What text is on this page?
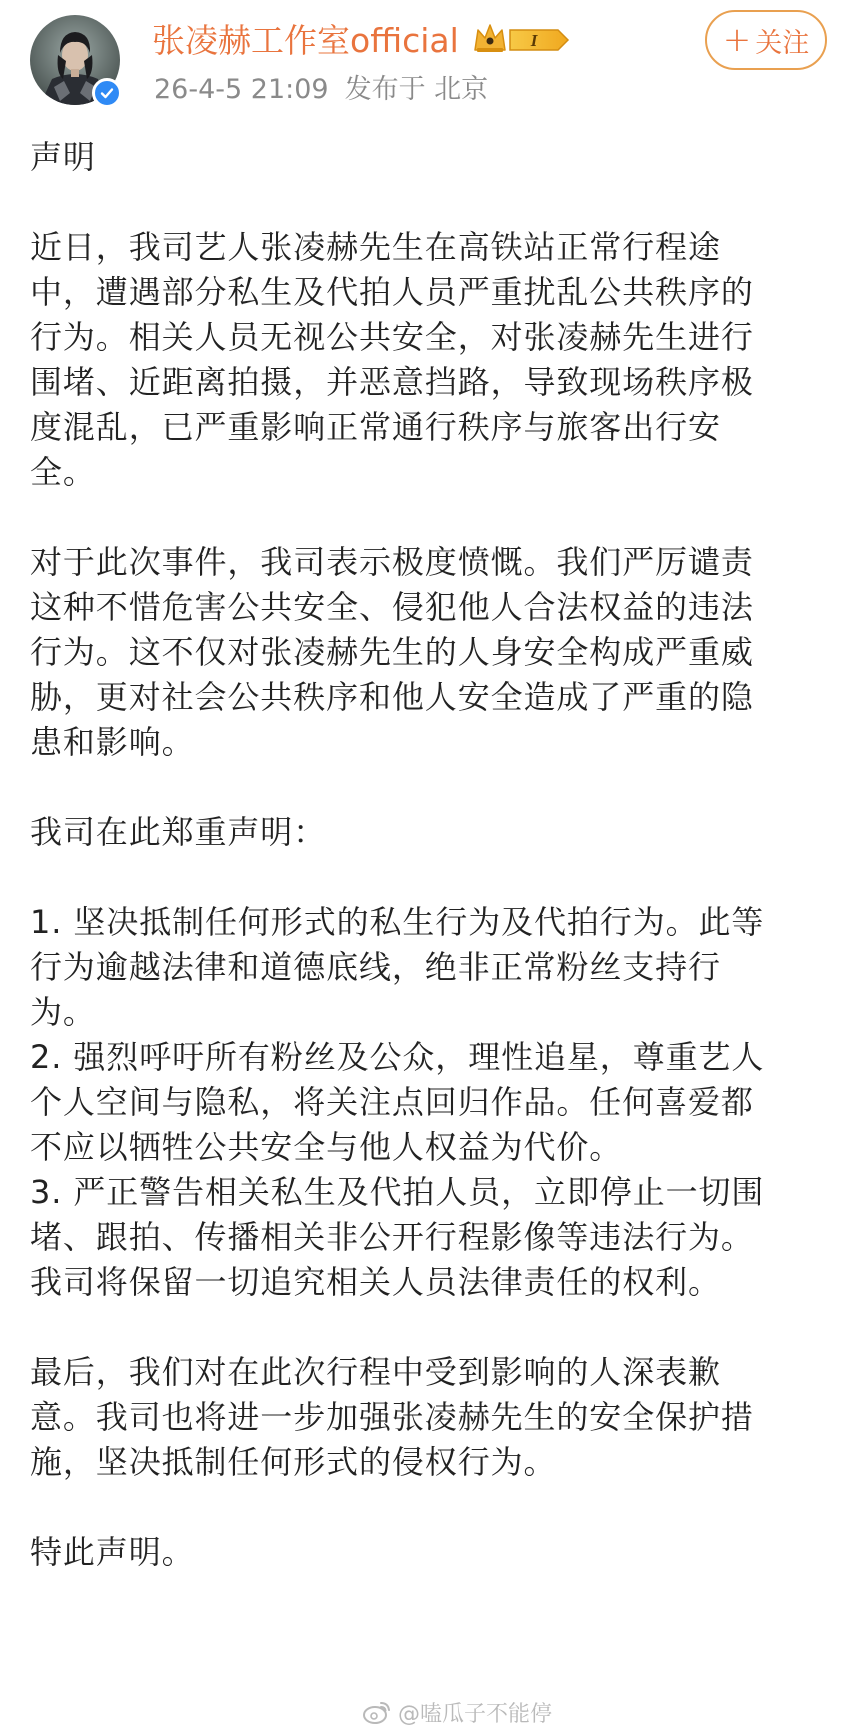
张凌赫工作室official	I
26-4-5 21:09 发布于 北京
+ 关注

声明

近日，我司艺人张凌赫先生在高铁站正常行程途
中，遭遇部分私生及代拍人员严重扰乱公共秩序的
行为。相关人员无视公共安全，对张凌赫先生进行
围堵、近距离拍摄，并恶意挡路，导致现场秩序极
度混乱，已严重影响正常通行秩序与旅客出行安
全。

对于此次事件，我司表示极度愤慨。我们严厉谴责
这种不惜危害公共安全、侵犯他人合法权益的违法
行为。这不仅对张凌赫先生的人身安全构成严重威
胁，更对社会公共秩序和他人安全造成了严重的隐
患和影响。

我司在此郑重声明：

1. 坚决抵制任何形式的私生行为及代拍行为。此等
行为逾越法律和道德底线，绝非正常粉丝支持行
为。
2. 强烈呼吁所有粉丝及公众，理性追星，尊重艺人
个人空间与隐私，将关注点回归作品。任何喜爱都
不应以牺牲公共安全与他人权益为代价。
3. 严正警告相关私生及代拍人员，立即停止一切围
堵、跟拍、传播相关非公开行程影像等违法行为。
我司将保留一切追究相关人员法律责任的权利。

最后，我们对在此次行程中受到影响的人深表歉
意。我司也将进一步加强张凌赫先生的安全保护措
施，坚决抵制任何形式的侵权行为。

特此声明。

@嗑瓜子不能停
